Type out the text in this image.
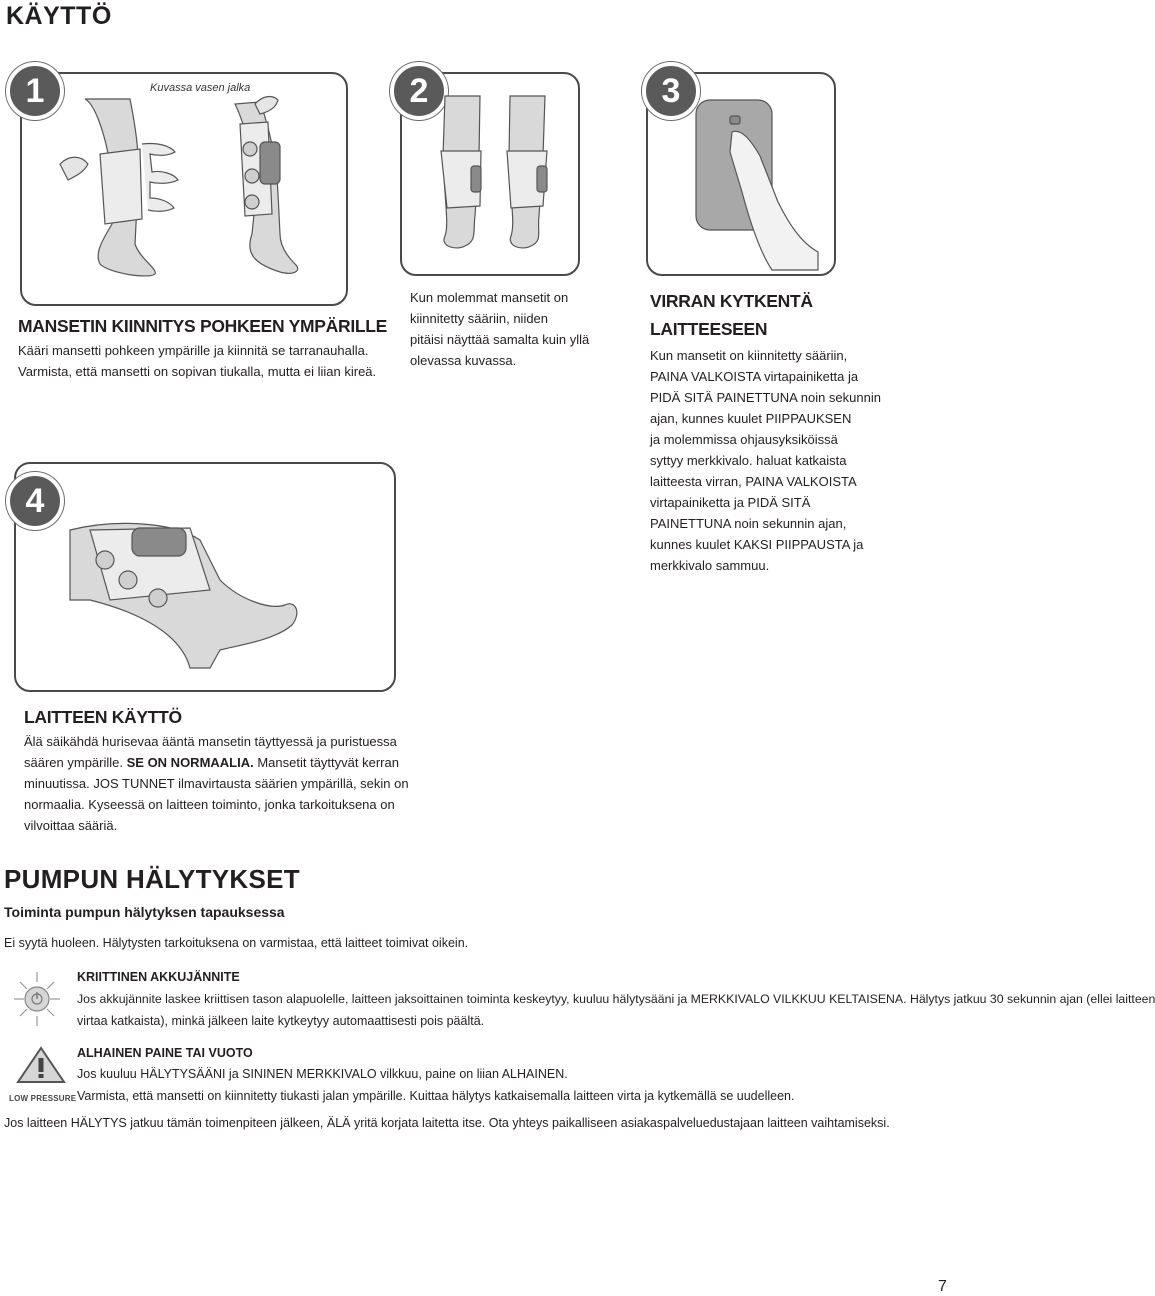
KÄYTTÖ
1	2	3
4
Kuvassa vasen jalka
MANSETIN KIINNITYS POHKEEN YMPÄRILLE
Kääri mansetti pohkeen ympärille ja kiinnitä se tarranauhalla.
Varmista, että mansetti on sopivan tiukalla, mutta ei liian kireä.
Kun molemmat mansetit on
kiinnitetty sääriin, niiden
pitäisi näyttää samalta kuin yllä
olevassa kuvassa.
VIRRAN KYTKENTÄ
LAITTEESEEN
Kun mansetit on kiinnitetty sääriin,
PAINA VALKOISTA virtapainiketta ja
PIDÄ SITÄ PAINETTUNA noin sekunnin
ajan, kunnes kuulet PIIPPAUKSEN
ja molemmissa ohjausyksiköissä
syttyy merkkivalo. haluat katkaista
laitteesta virran, PAINA VALKOISTA
virtapainiketta ja PIDÄ SITÄ
PAINETTUNA noin sekunnin ajan,
kunnes kuulet KAKSI PIIPPAUSTA ja
merkkivalo sammuu.
LAITTEEN KÄYTTÖ
Älä säikähdä hurisevaa ääntä mansetin täyttyessä ja puristuessa
säären ympärille. SE ON NORMAALIA. Mansetit täyttyvät kerran
minuutissa. JOS TUNNET ilmavirtausta säärien ympärillä, sekin on
normaalia. Kyseessä on laitteen toiminto, jonka tarkoituksena on
vilvoittaa sääriä.
PUMPUN HÄLYTYKSET
Toiminta pumpun hälytyksen tapauksessa
Ei syytä huoleen. Hälytysten tarkoituksena on varmistaa, että laitteet toimivat oikein.
KRIITTINEN AKKUJÄNNITE
Jos akkujännite laskee kriittisen tason alapuolelle, laitteen jaksoittainen toiminta keskeytyy, kuuluu hälytysääni ja MERKKIVALO VILKKUU KELTAISENA. Hälytys jatkuu 30 sekunnin ajan (ellei laitteen
virtaa katkaista), minkä jälkeen laite kytkeytyy automaattisesti pois päältä.
LOW PRESSURE
ALHAINEN PAINE TAI VUOTO
Jos kuuluu HÄLYTYSÄÄNI ja SININEN MERKKIVALO vilkkuu, paine on liian ALHAINEN.
Varmista, että mansetti on kiinnitetty tiukasti jalan ympärille. Kuittaa hälytys katkaisemalla laitteen virta ja kytkemällä se uudelleen.
Jos laitteen HÄLYTYS jatkuu tämän toimenpiteen jälkeen, ÄLÄ yritä korjata laitetta itse. Ota yhteys paikalliseen asiakaspalveluedustajaan laitteen vaihtamiseksi.
7
